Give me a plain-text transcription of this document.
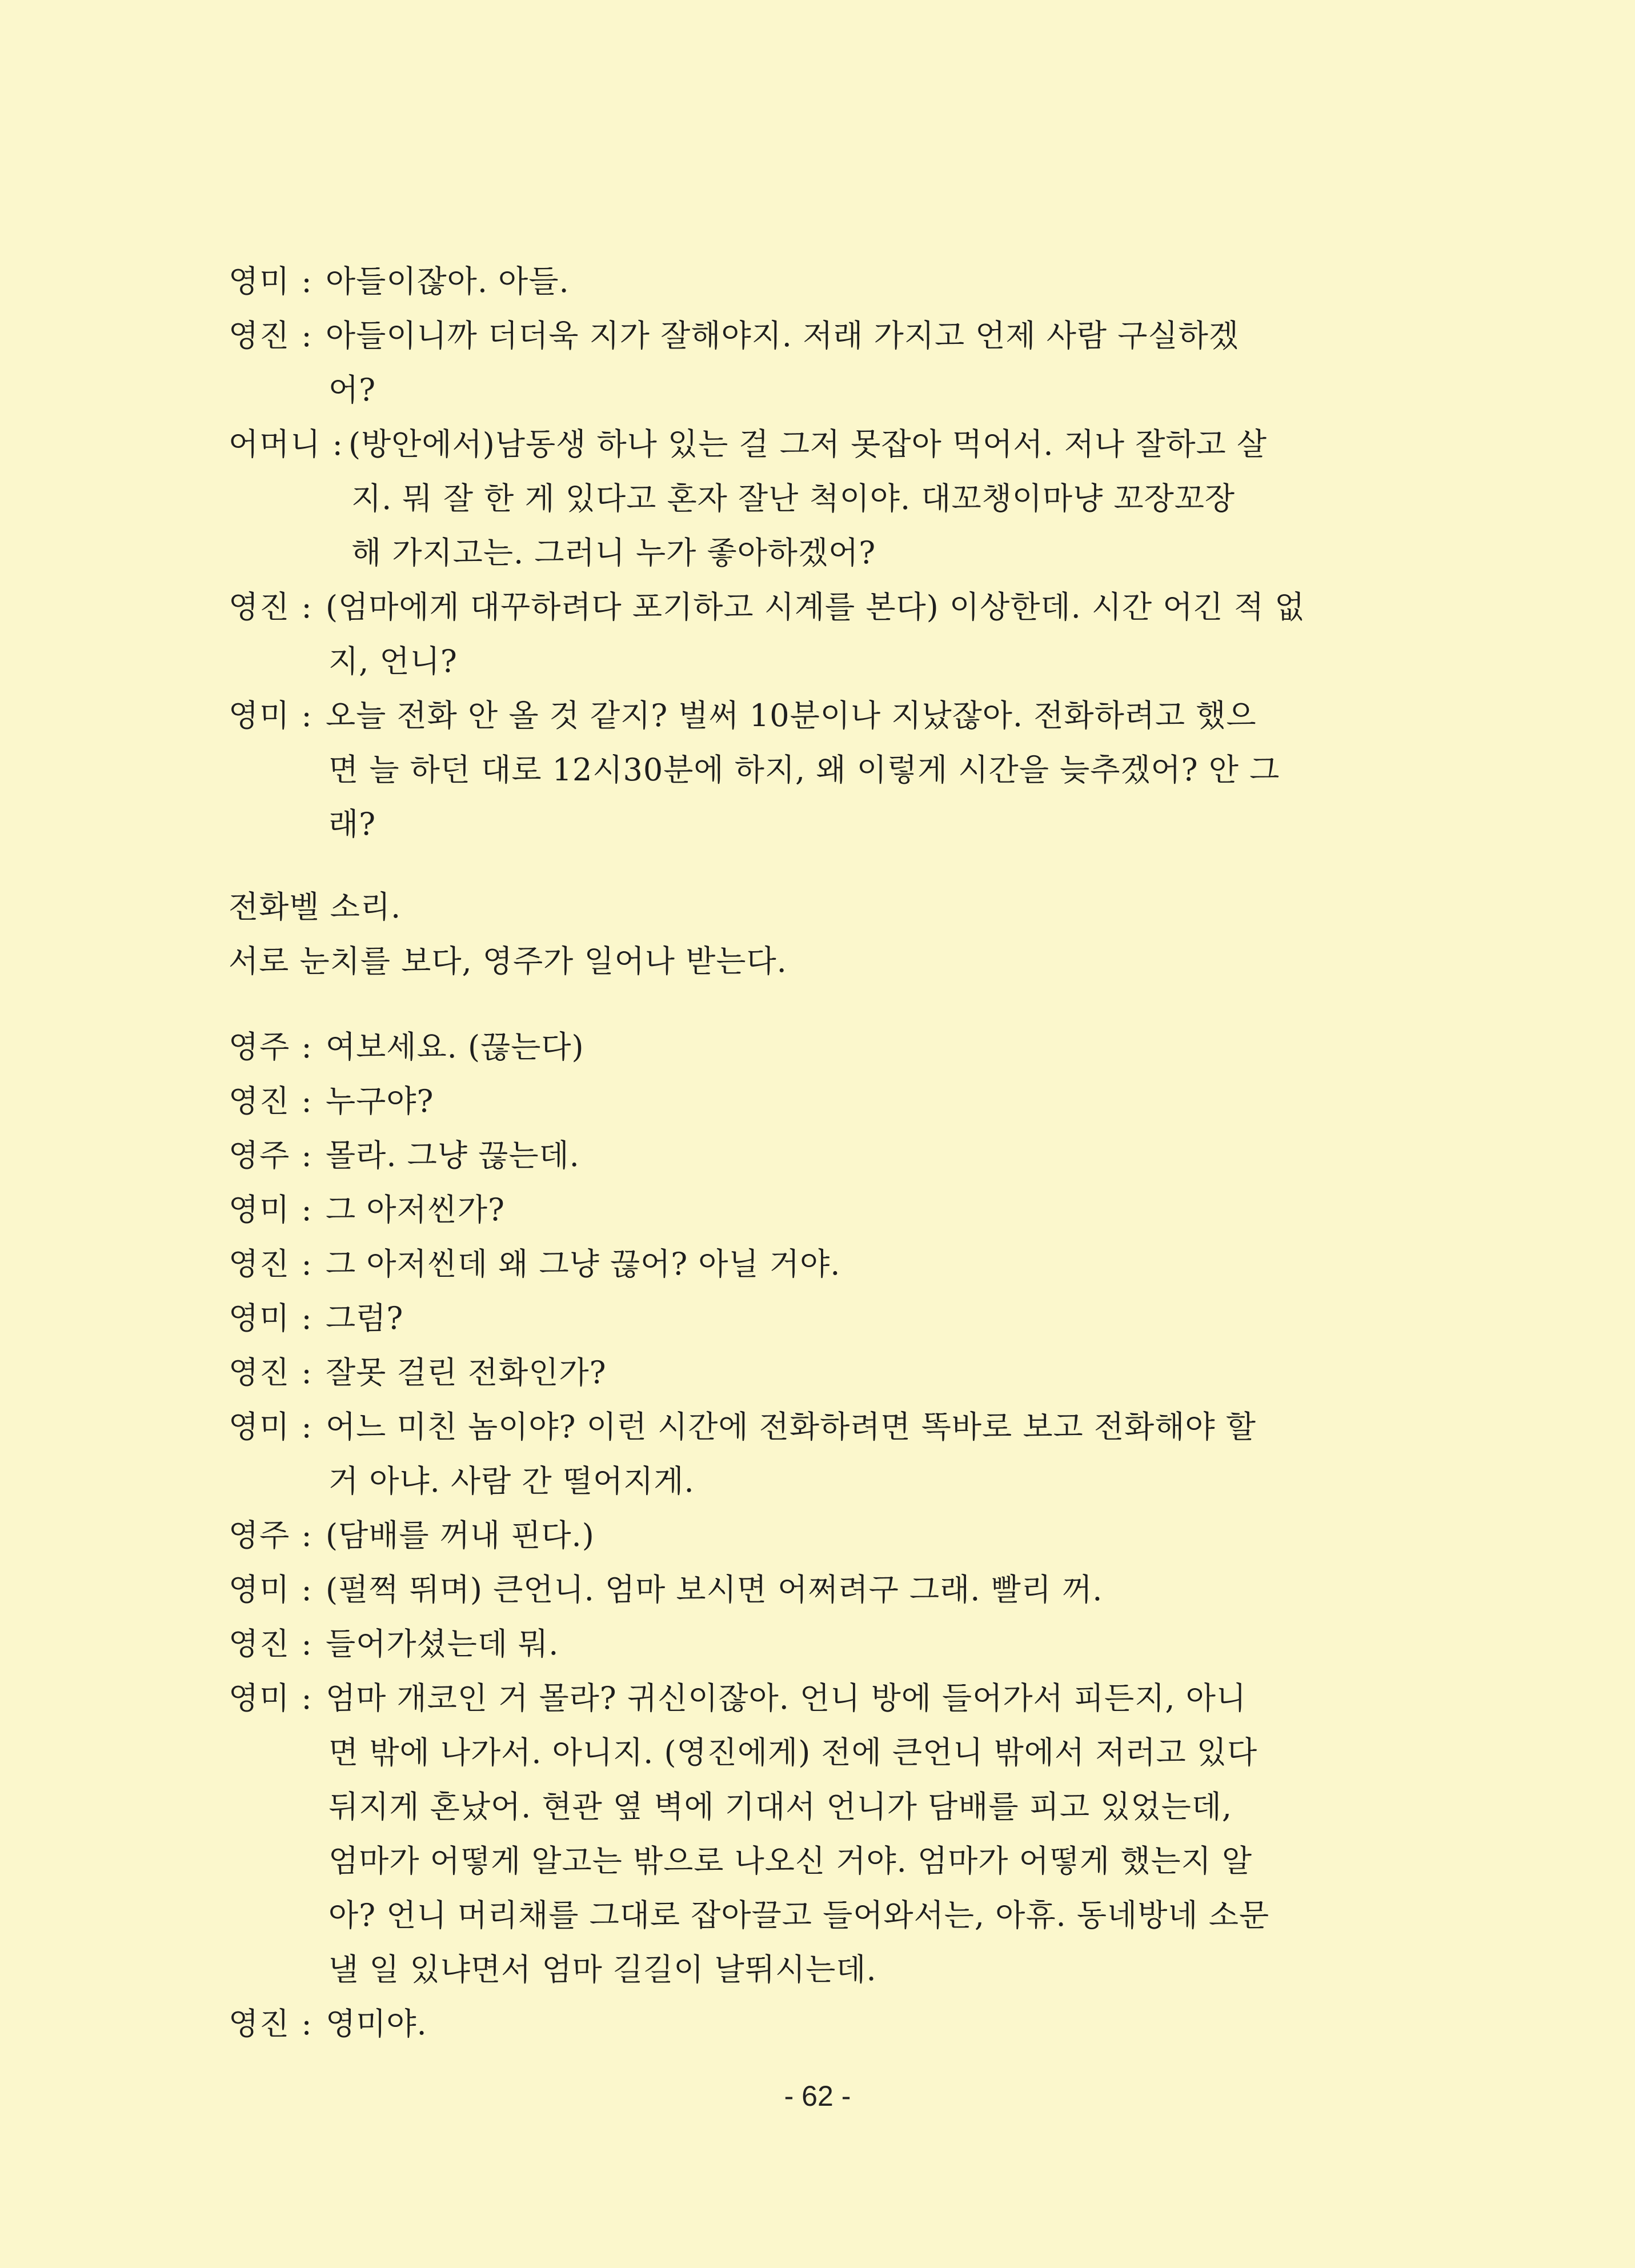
영미 : 아들이잖아. 아들.
영진 : 아들이니까 더더욱 지가 잘해야지. 저래 가지고 언제 사람 구실하겠
어?
어머니 : (방안에서)남동생 하나 있는 걸 그저 못잡아 먹어서. 저나 잘하고 살
지. 뭐 잘 한 게 있다고 혼자 잘난 척이야. 대꼬챙이마냥 꼬장꼬장
해 가지고는. 그러니 누가 좋아하겠어?
영진 : (엄마에게 대꾸하려다 포기하고 시계를 본다) 이상한데. 시간 어긴 적 없
지, 언니?
영미 : 오늘 전화 안 올 것 같지? 벌써 10분이나 지났잖아. 전화하려고 했으
면 늘 하던 대로 12시30분에 하지, 왜 이렇게 시간을 늦추겠어? 안 그
래?
전화벨 소리.
서로 눈치를 보다, 영주가 일어나 받는다.
영주 : 여보세요. (끊는다)
영진 : 누구야?
영주 : 몰라. 그냥 끊는데.
영미 : 그 아저씬가?
영진 : 그 아저씬데 왜 그냥 끊어? 아닐 거야.
영미 : 그럼?
영진 : 잘못 걸린 전화인가?
영미 : 어느 미친 놈이야? 이런 시간에 전화하려면 똑바로 보고 전화해야 할
거 아냐. 사람 간 떨어지게.
영주 : (담배를 꺼내 핀다.)
영미 : (펄쩍 뛰며) 큰언니. 엄마 보시면 어쩌려구 그래. 빨리 꺼.
영진 : 들어가셨는데 뭐.
영미 : 엄마 개코인 거 몰라? 귀신이잖아. 언니 방에 들어가서 피든지, 아니
면 밖에 나가서. 아니지. (영진에게) 전에 큰언니 밖에서 저러고 있다
뒤지게 혼났어. 현관 옆 벽에 기대서 언니가 담배를 피고 있었는데,
엄마가 어떻게 알고는 밖으로 나오신 거야. 엄마가 어떻게 했는지 알
아? 언니 머리채를 그대로 잡아끌고 들어와서는, 아휴. 동네방네 소문
낼 일 있냐면서 엄마 길길이 날뛰시는데.
영진 : 영미야.
- 62 -
